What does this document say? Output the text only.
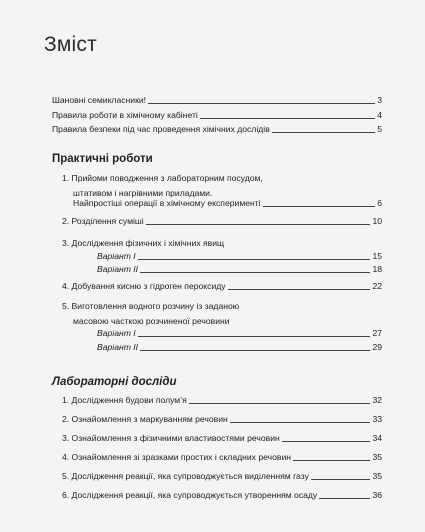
Зміст
Шановні семикласники!	3
Правила роботи в хімічному кабінеті	4
Правила безпеки під час проведення хімічних дослідів	5
Практичні роботи
1. Прийоми поводження з лабораторним посудом,
штативом і нагрівними приладами.
Найпростіші операції в хімічному експерименті	6
2. Розділення суміші	10
3. Дослідження фізичних і хімічних явищ
Варіант I	15
Варіант II	18
4. Добування кисню з гідроген пероксиду	22
5. Виготовлення водного розчину із заданою
масовою часткою розчиненої речовини
Варіант I	27
Варіант II	29
Лабораторні досліди
1. Дослідження будови полум’я	32
2. Ознайомлення з маркуванням речовин	33
3. Ознайомлення з фізичними властивостями речовин	34
4. Ознайомлення зі зразками простих і складних речовин	35
5. Дослідження реакції, яка супроводжується виділенням газу	35
6. Дослідження реакції, яка супроводжується утворенням осаду	36
